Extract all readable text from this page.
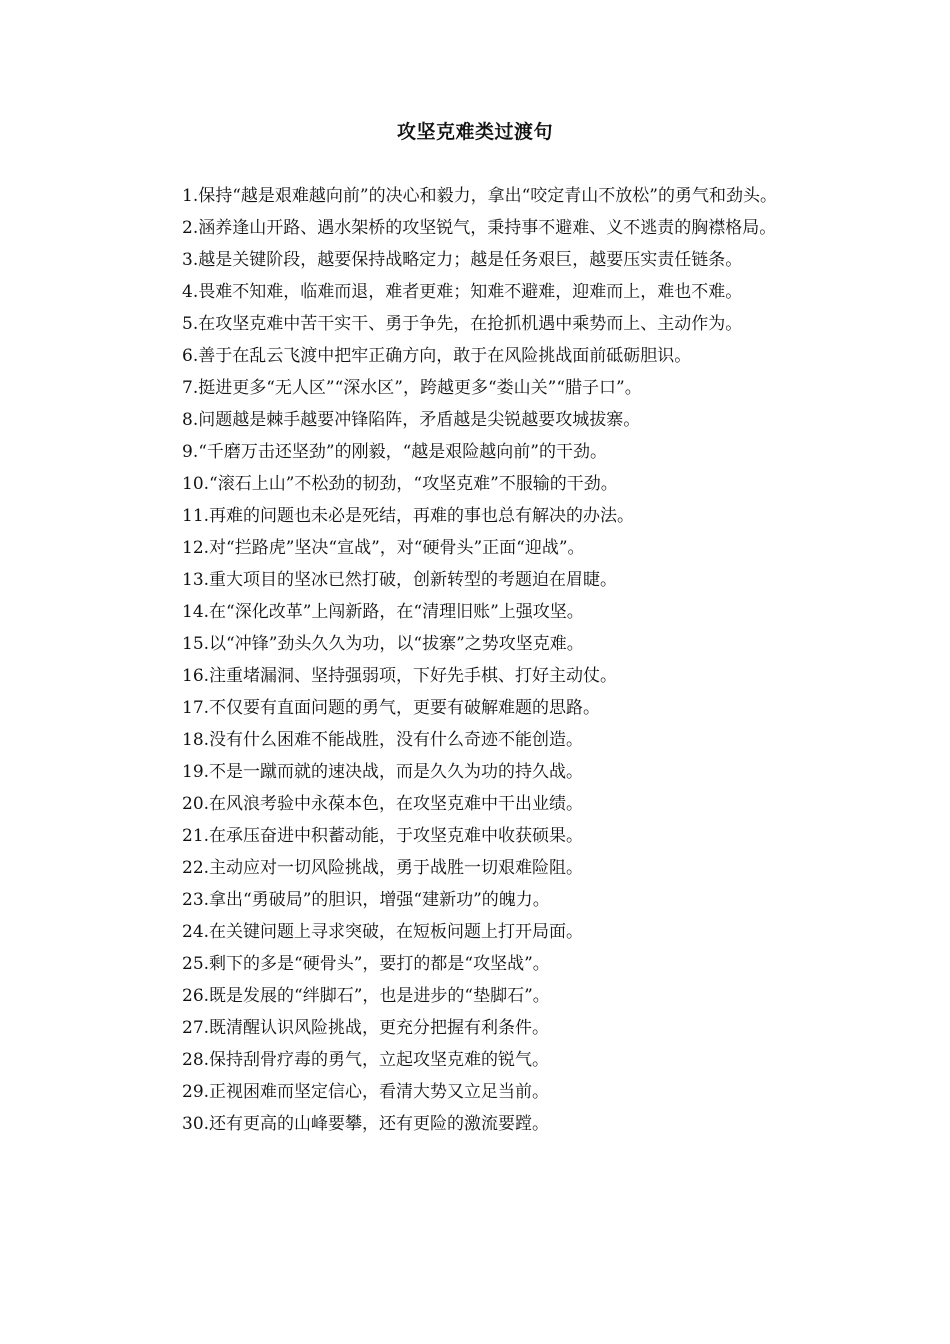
攻坚克难类过渡句

1.保持“越是艰难越向前”的决心和毅力，拿出“咬定青山不放松”的勇气和劲头。

2.涵养逢山开路、遇水架桥的攻坚锐气，秉持事不避难、义不逃责的胸襟格局。

3.越是关键阶段，越要保持战略定力；越是任务艰巨，越要压实责任链条。

4.畏难不知难，临难而退，难者更难；知难不避难，迎难而上，难也不难。

5.在攻坚克难中苦干实干、勇于争先，在抢抓机遇中乘势而上、主动作为。

6.善于在乱云飞渡中把牢正确方向，敢于在风险挑战面前砥砺胆识。

7.挺进更多“无人区”“深水区”，跨越更多“娄山关”“腊子口”。

8.问题越是棘手越要冲锋陷阵，矛盾越是尖锐越要攻城拔寨。

9.“千磨万击还坚劲”的刚毅，“越是艰险越向前”的干劲。

10.“滚石上山”不松劲的韧劲，“攻坚克难”不服输的干劲。

11.再难的问题也未必是死结，再难的事也总有解决的办法。

12.对“拦路虎”坚决“宣战”，对“硬骨头”正面“迎战”。

13.重大项目的坚冰已然打破，创新转型的考题迫在眉睫。

14.在“深化改革”上闯新路，在“清理旧账”上强攻坚。

15.以“冲锋”劲头久久为功，以“拔寨”之势攻坚克难。

16.注重堵漏洞、坚持强弱项，下好先手棋、打好主动仗。

17.不仅要有直面问题的勇气，更要有破解难题的思路。

18.没有什么困难不能战胜，没有什么奇迹不能创造。

19.不是一蹴而就的速决战，而是久久为功的持久战。

20.在风浪考验中永葆本色，在攻坚克难中干出业绩。

21.在承压奋进中积蓄动能，于攻坚克难中收获硕果。

22.主动应对一切风险挑战，勇于战胜一切艰难险阻。

23.拿出“勇破局”的胆识，增强“建新功”的魄力。

24.在关键问题上寻求突破，在短板问题上打开局面。

25.剩下的多是“硬骨头”，要打的都是“攻坚战”。

26.既是发展的“绊脚石”，也是进步的“垫脚石”。

27.既清醒认识风险挑战，更充分把握有利条件。

28.保持刮骨疗毒的勇气，立起攻坚克难的锐气。

29.正视困难而坚定信心，看清大势又立足当前。

30.还有更高的山峰要攀，还有更险的激流要蹚。
